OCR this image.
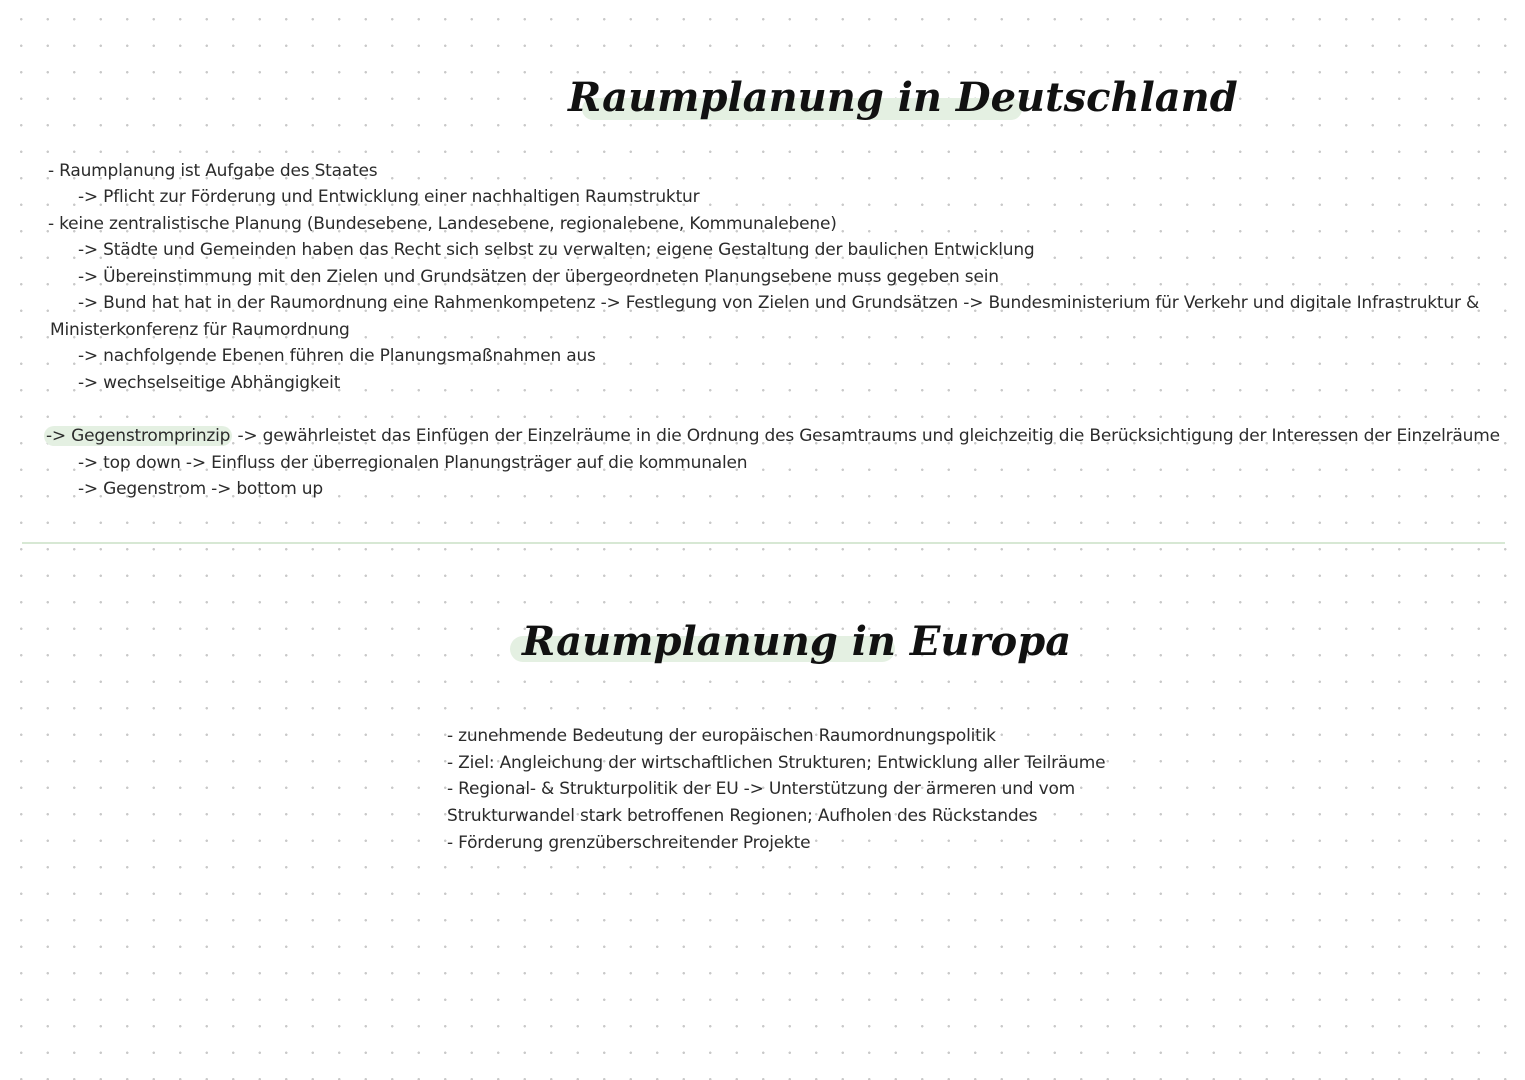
Raumplanung in Deutschland
- Raumplanung ist Aufgabe des Staates
-> Pflicht zur Förderung und Entwicklung einer nachhaltigen Raumstruktur
- keine zentralistische Planung (Bundesebene, Landesebene, regionalebene, Kommunalebene)
-> Städte und Gemeinden haben das Recht sich selbst zu verwalten; eigene Gestaltung der baulichen Entwicklung
-> Übereinstimmung mit den Zielen und Grundsätzen der übergeordneten Planungsebene muss gegeben sein
-> Bund hat hat in der Raumordnung eine Rahmenkompetenz -> Festlegung von Zielen und Grundsätzen -> Bundesministerium für Verkehr und digitale Infrastruktur &
Ministerkonferenz für Raumordnung
-> nachfolgende Ebenen führen die Planungsmaßnahmen aus
-> wechselseitige Abhängigkeit
-> Gegenstromprinzip -> gewährleistet das Einfügen der Einzelräume in die Ordnung des Gesamtraums und gleichzeitig die Berücksichtigung der Interessen der Einzelräume
-> top down -> Einfluss der überregionalen Planungsträger auf die kommunalen
-> Gegenstrom -> bottom up
Raumplanung in Europa
- zunehmende Bedeutung der europäischen Raumordnungspolitik
- Ziel: Angleichung der wirtschaftlichen Strukturen; Entwicklung aller Teilräume
- Regional- & Strukturpolitik der EU -> Unterstützung der ärmeren und vom
Strukturwandel stark betroffenen Regionen; Aufholen des Rückstandes
- Förderung grenzüberschreitender Projekte
